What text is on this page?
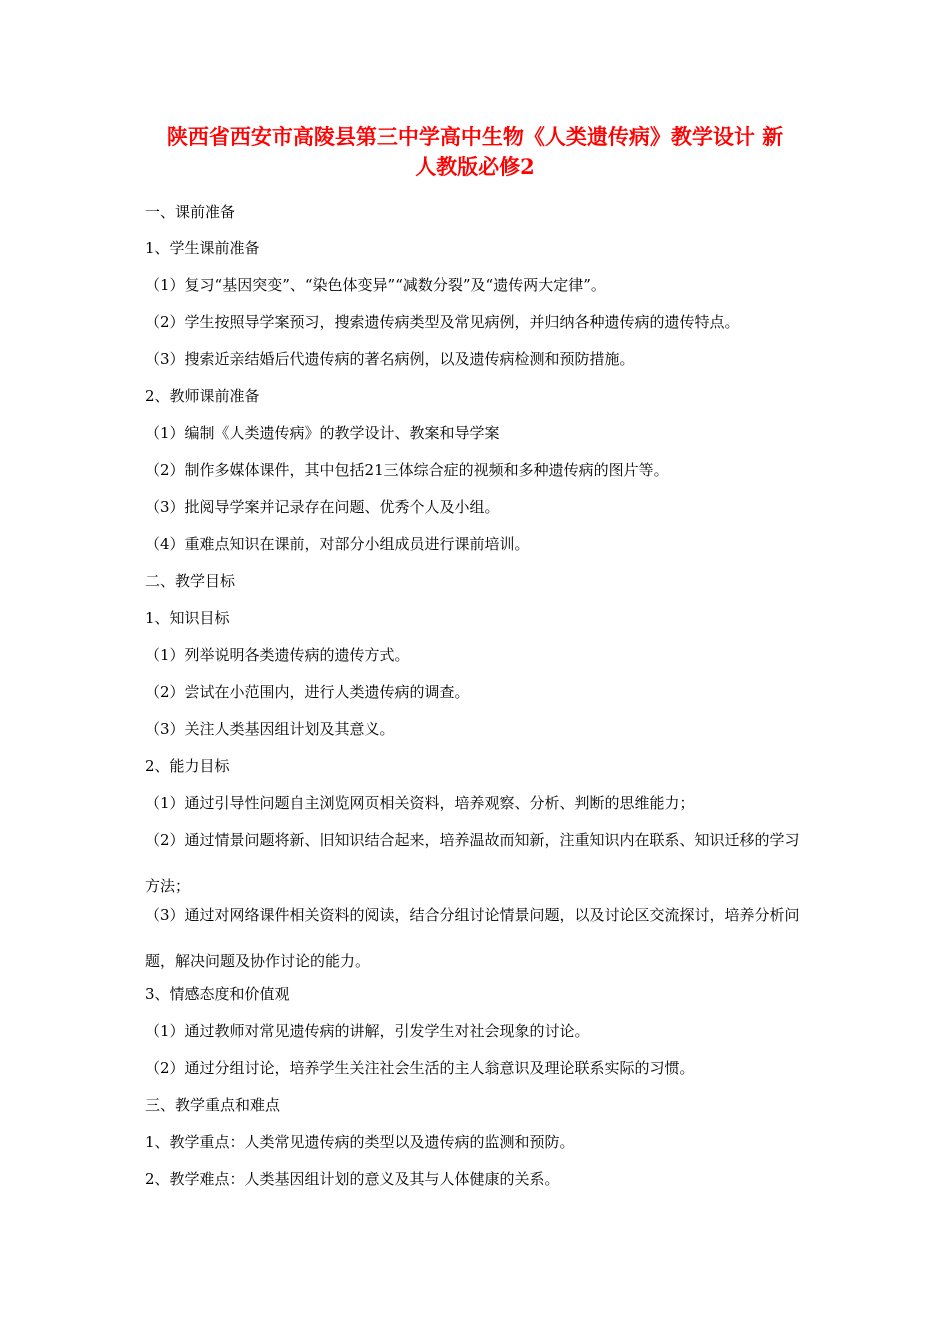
陕西省西安市高陵县第三中学高中生物《人类遗传病》教学设计 新
人教版必修2
一、课前准备
1、学生课前准备
（1）复习“基因突变”、“染色体变异”“减数分裂”及“遗传两大定律”。
（2）学生按照导学案预习，搜索遗传病类型及常见病例，并归纳各种遗传病的遗传特点。
（3）搜索近亲结婚后代遗传病的著名病例，以及遗传病检测和预防措施。
2、教师课前准备
（1）编制《人类遗传病》的教学设计、教案和导学案
（2）制作多媒体课件，其中包括21三体综合症的视频和多种遗传病的图片等。
（3）批阅导学案并记录存在问题、优秀个人及小组。
（4）重难点知识在课前，对部分小组成员进行课前培训。
二、教学目标
1、知识目标
（1）列举说明各类遗传病的遗传方式。
（2）尝试在小范围内，进行人类遗传病的调查。
（3）关注人类基因组计划及其意义。
2、能力目标
（1）通过引导性问题自主浏览网页相关资料，培养观察、分析、判断的思维能力；
（2）通过情景问题将新、旧知识结合起来，培养温故而知新，注重知识内在联系、知识迁移的学习方法；
（3）通过对网络课件相关资料的阅读，结合分组讨论情景问题，以及讨论区交流探讨，培养分析问题，解决问题及协作讨论的能力。
3、情感态度和价值观
（1）通过教师对常见遗传病的讲解，引发学生对社会现象的讨论。
（2）通过分组讨论，培养学生关注社会生活的主人翁意识及理论联系实际的习惯。
三、教学重点和难点
1、教学重点：人类常见遗传病的类型以及遗传病的监测和预防。
2、教学难点：人类基因组计划的意义及其与人体健康的关系。
